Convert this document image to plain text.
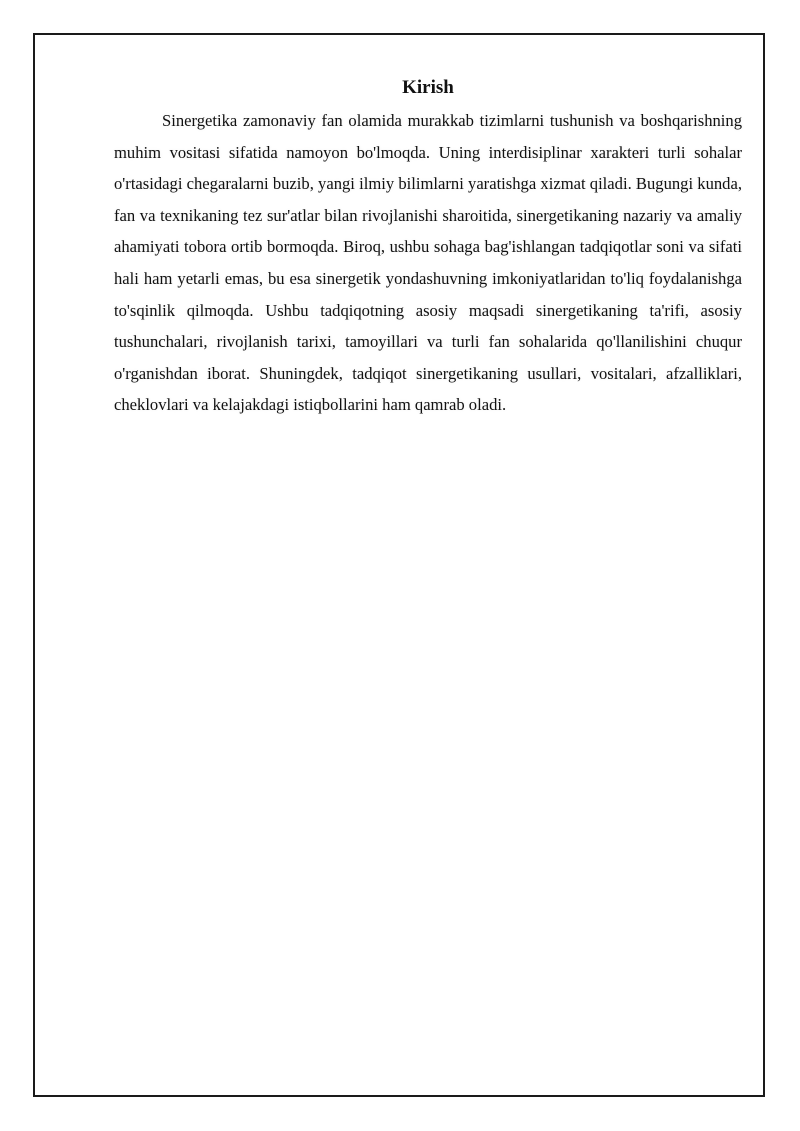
Kirish

Sinergetika zamonaviy fan olamida murakkab tizimlarni tushunish va boshqarishning muhim vositasi sifatida namoyon bo'lmoqda. Uning interdisiplinar xarakteri turli sohalar o'rtasidagi chegaralarni buzib, yangi ilmiy bilimlarni yaratishga xizmat qiladi. Bugungi kunda, fan va texnikaning tez sur'atlar bilan rivojlanishi sharoitida, sinergetikaning nazariy va amaliy ahamiyati tobora ortib bormoqda. Biroq, ushbu sohaga bag'ishlangan tadqiqotlar soni va sifati hali ham yetarli emas, bu esa sinergetik yondashuvning imkoniyatlaridan to'liq foydalanishga to'sqinlik qilmoqda. Ushbu tadqiqotning asosiy maqsadi sinergetikaning ta'rifi, asosiy tushunchalari, rivojlanish tarixi, tamoyillari va turli fan sohalarida qo'llanilishini chuqur o'rganishdan iborat. Shuningdek, tadqiqot sinergetikaning usullari, vositalari, afzalliklari, cheklovlari va kelajakdagi istiqbollarini ham qamrab oladi.
